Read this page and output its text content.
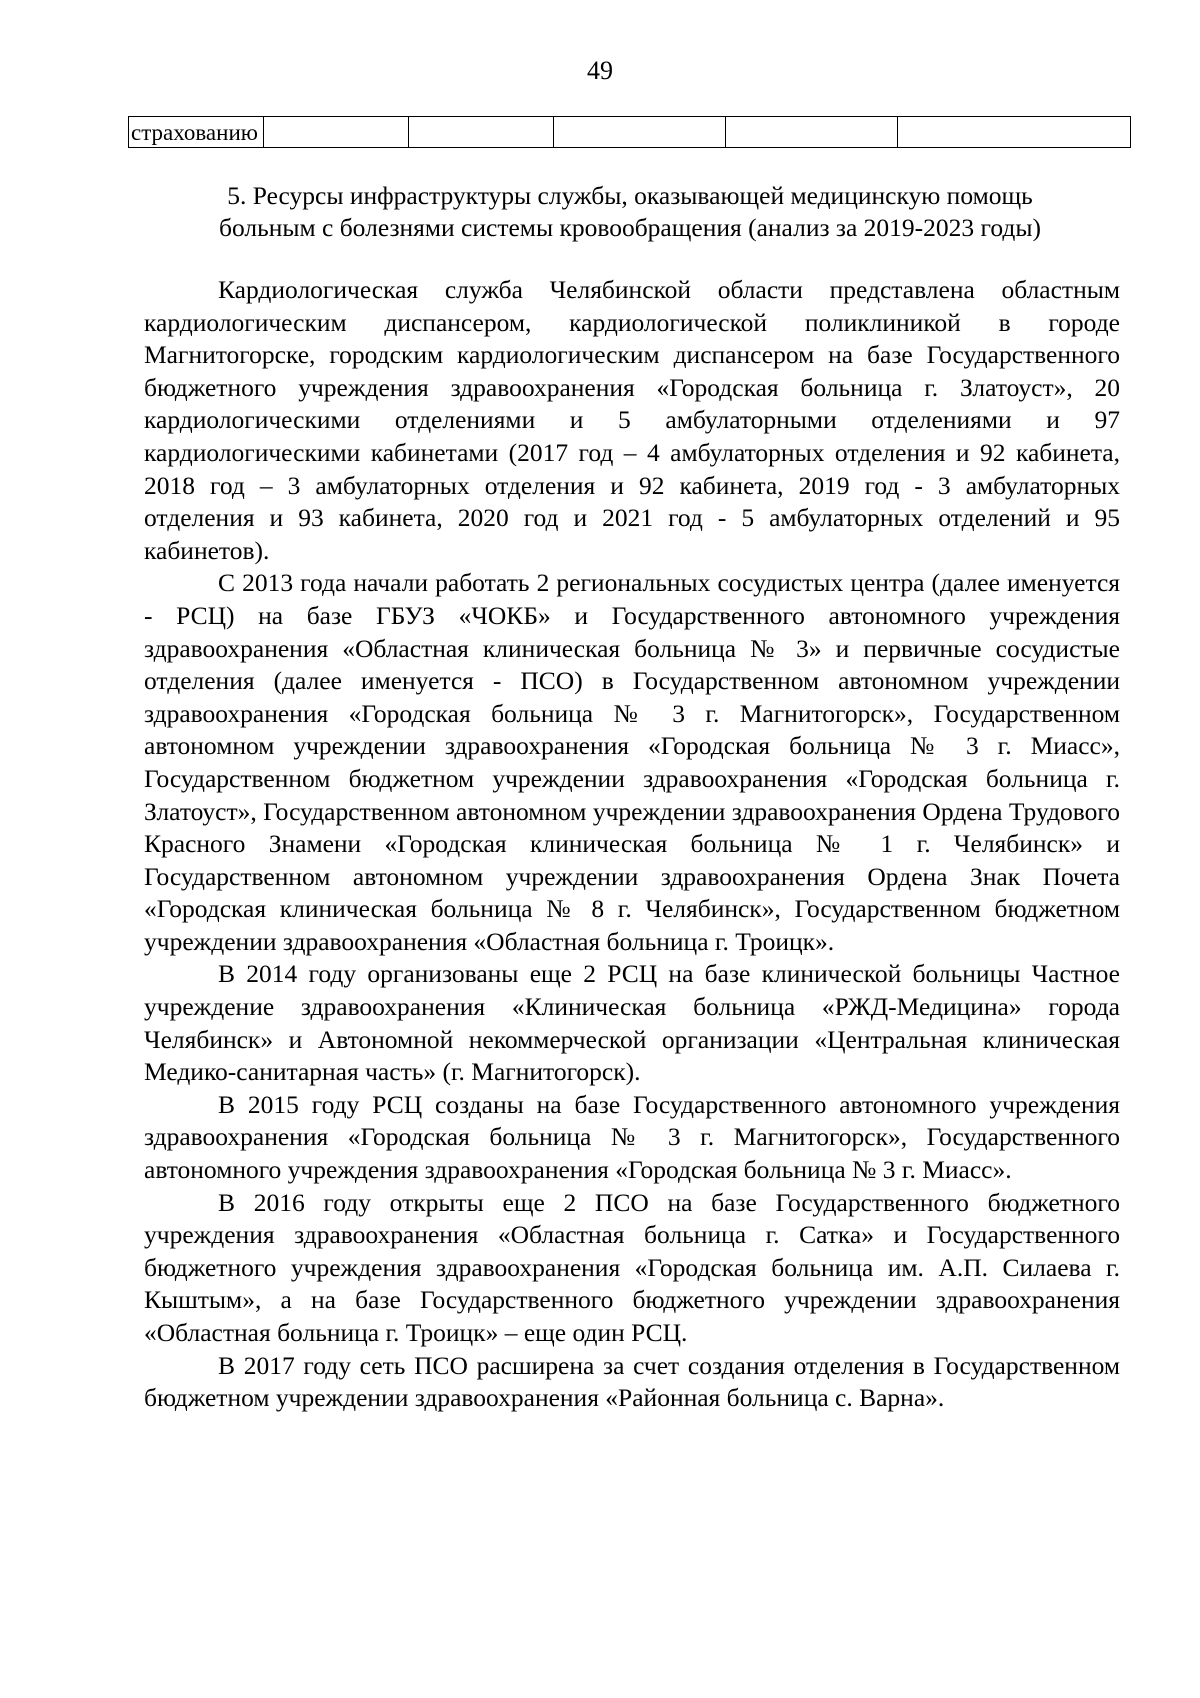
49
страхованию					
5. Ресурсы инфраструктуры службы, оказывающей медицинскую помощь
больным с болезнями системы кровообращения (анализ за 2019-2023 годы)

Кардиологическая служба Челябинской области представлена областным кардиологическим диспансером, кардиологической поликлиникой в городе Магнитогорске, городским кардиологическим диспансером на базе Государственного бюджетного учреждения здравоохранения «Городская больница г. Златоуст», 20 кардиологическими отделениями и 5 амбулаторными отделениями и 97 кардиологическими кабинетами (2017 год – 4 амбулаторных отделения и 92 кабинета, 2018 год – 3 амбулаторных отделения и 92 кабинета, 2019 год - 3 амбулаторных отделения и 93 кабинета, 2020 год и 2021 год - 5 амбулаторных отделений и 95 кабинетов).

С 2013 года начали работать 2 региональных сосудистых центра (далее именуется - РСЦ) на базе ГБУЗ «ЧОКБ» и Государственного автономного учреждения здравоохранения «Областная клиническая больница № 3» и первичные сосудистые отделения (далее именуется - ПСО) в Государственном автономном учреждении здравоохранения «Городская больница № 3 г. Магнитогорск», Государственном автономном учреждении здравоохранения «Городская больница № 3 г. Миасс», Государственном бюджетном учреждении здравоохранения «Городская больница г. Златоуст», Государственном автономном учреждении здравоохранения Ордена Трудового Красного Знамени «Городская клиническая больница № 1 г. Челябинск» и Государственном автономном учреждении здравоохранения Ордена Знак Почета «Городская клиническая больница № 8 г. Челябинск», Государственном бюджетном учреждении здравоохранения «Областная больница г. Троицк».

В 2014 году организованы еще 2 РСЦ на базе клинической больницы Частное учреждение здравоохранения «Клиническая больница «РЖД-Медицина» города Челябинск» и Автономной некоммерческой организации «Центральная клиническая Медико-санитарная часть» (г. Магнитогорск).

В 2015 году РСЦ созданы на базе Государственного автономного учреждения здравоохранения «Городская больница № 3 г. Магнитогорск», Государственного автономного учреждения здравоохранения «Городская больница № 3 г. Миасс».

В 2016 году открыты еще 2 ПСО на базе Государственного бюджетного учреждения здравоохранения «Областная больница г. Сатка» и Государственного бюджетного учреждения здравоохранения «Городская больница им. А.П. Силаева г. Кыштым», а на базе Государственного бюджетного учреждении здравоохранения «Областная больница г. Троицк» – еще один РСЦ.

В 2017 году сеть ПСО расширена за счет создания отделения в Государственном бюджетном учреждении здравоохранения «Районная больница с. Варна».
